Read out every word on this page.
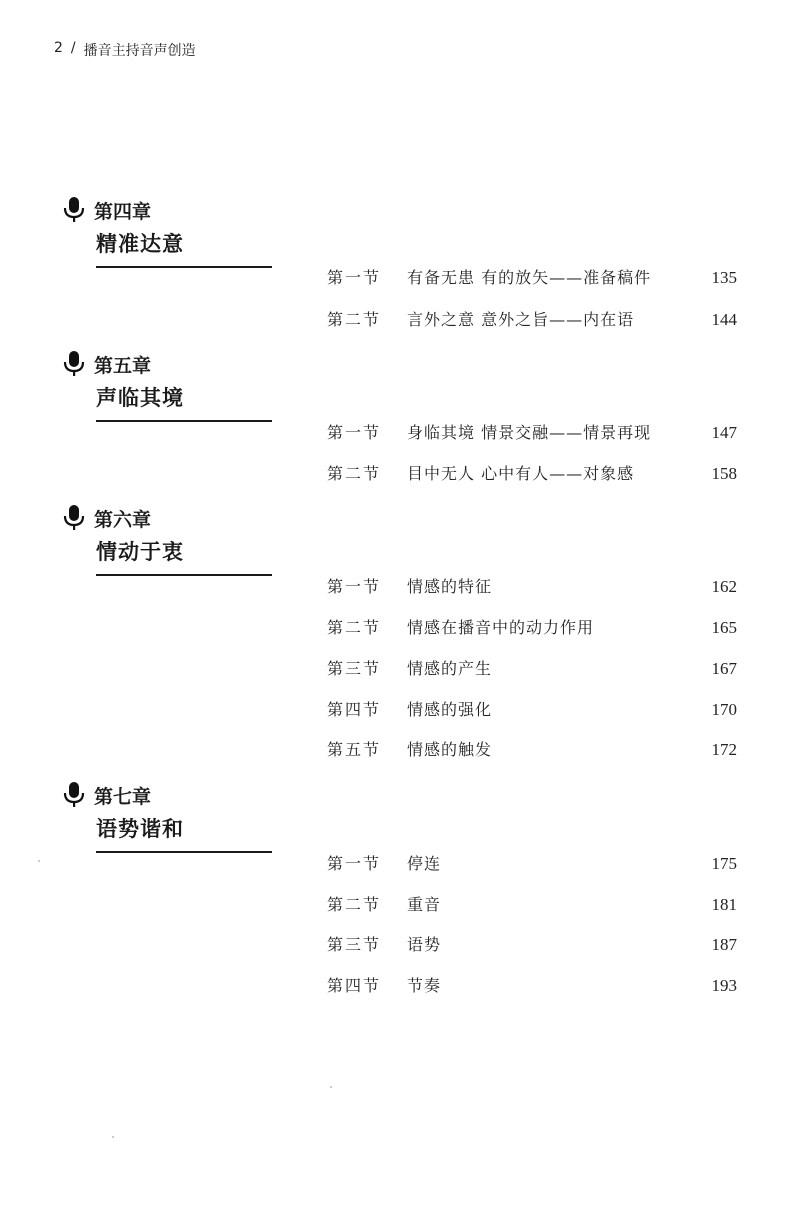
2 / 播音主持音声创造
第四章
精准达意
第一节 有备无患 有的放矢——准备稿件	135
第二节 言外之意 意外之旨——内在语	144
第五章
声临其境
第一节 身临其境 情景交融——情景再现	147
第二节 目中无人 心中有人——对象感	158
第六章
情动于衷
第一节 情感的特征	162
第二节 情感在播音中的动力作用	165
第三节 情感的产生	167
第四节 情感的强化	170
第五节 情感的触发	172
第七章
语势谐和
第一节 停连	175
第二节 重音	181
第三节 语势	187
第四节 节奏	193
